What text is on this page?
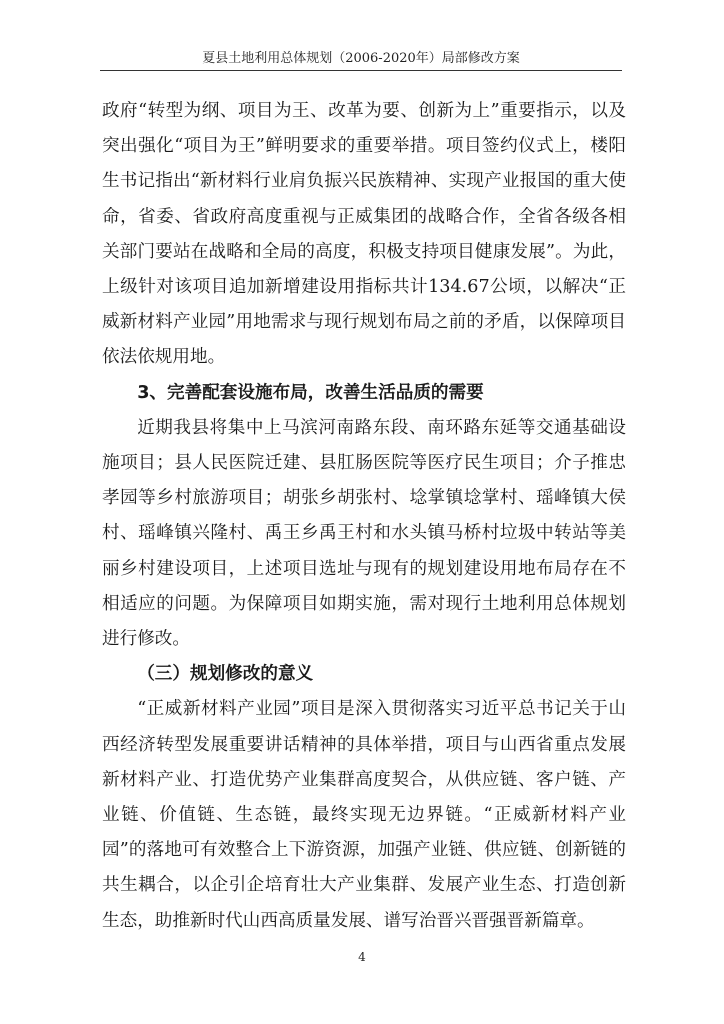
夏县土地利用总体规划（2006-2020年）局部修改方案

政府“转型为纲、项目为王、改革为要、创新为上”重要指示，以及突出强化“项目为王”鲜明要求的重要举措。项目签约仪式上，楼阳生书记指出“新材料行业肩负振兴民族精神、实现产业报国的重大使命，省委、省政府高度重视与正威集团的战略合作，全省各级各相关部门要站在战略和全局的高度，积极支持项目健康发展”。为此，上级针对该项目追加新增建设用指标共计134.67公顷，以解决“正威新材料产业园”用地需求与现行规划布局之前的矛盾，以保障项目依法依规用地。

3、完善配套设施布局，改善生活品质的需要

近期我县将集中上马滨河南路东段、南环路东延等交通基础设施项目；县人民医院迁建、县肛肠医院等医疗民生项目；介子推忠孝园等乡村旅游项目；胡张乡胡张村、埝掌镇埝掌村、瑶峰镇大侯村、瑶峰镇兴隆村、禹王乡禹王村和水头镇马桥村垃圾中转站等美丽乡村建设项目，上述项目选址与现有的规划建设用地布局存在不相适应的问题。为保障项目如期实施，需对现行土地利用总体规划进行修改。

（三）规划修改的意义

“正威新材料产业园”项目是深入贯彻落实习近平总书记关于山西经济转型发展重要讲话精神的具体举措，项目与山西省重点发展新材料产业、打造优势产业集群高度契合，从供应链、客户链、产业链、价值链、生态链，最终实现无边界链。“正威新材料产业园”的落地可有效整合上下游资源，加强产业链、供应链、创新链的共生耦合，以企引企培育壮大产业集群、发展产业生态、打造创新生态，助推新时代山西高质量发展、谱写治晋兴晋强晋新篇章。

4
